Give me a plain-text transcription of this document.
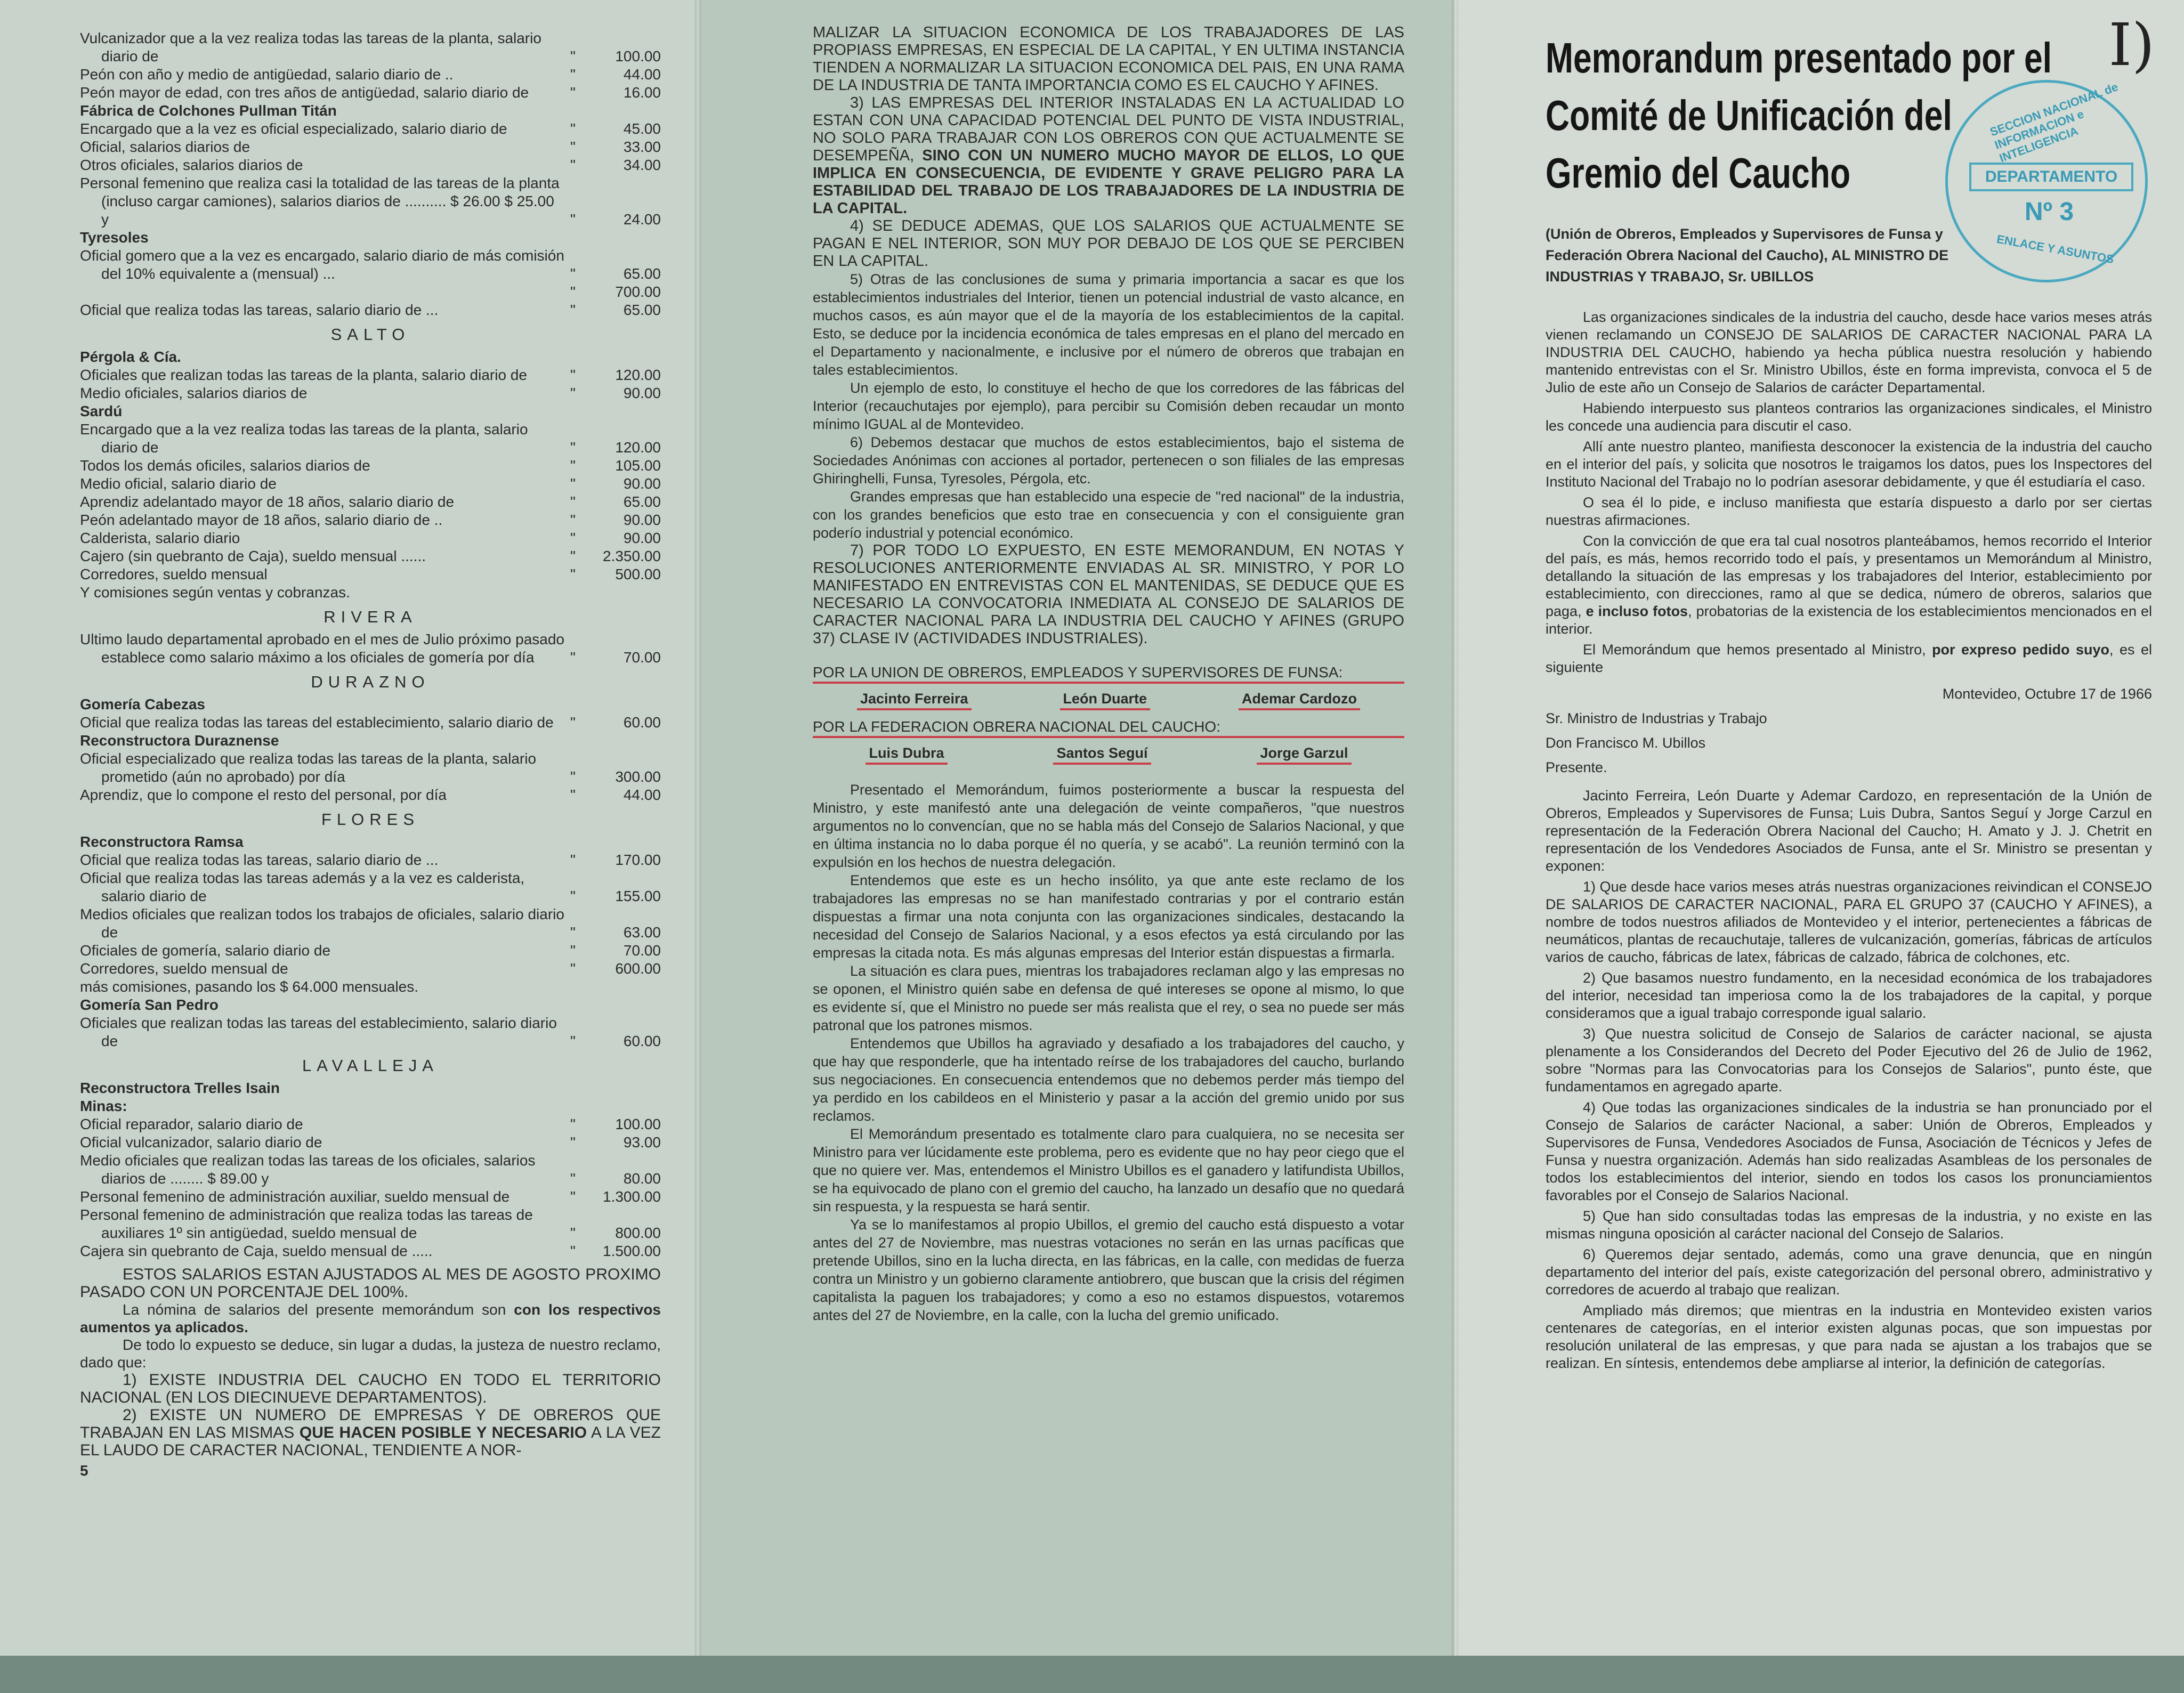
Vulcanizador que a la vez realiza todas las tareas de la planta, salario diario de	"	100.00
Peón con año y medio de antigüedad, salario diario de ..	"	44.00
Peón mayor de edad, con tres años de antigüedad, salario diario de	"	16.00
Fábrica de Colchones Pullman Titán
Encargado que a la vez es oficial especializado, salario diario de	"	45.00
Oficial, salarios diarios de	"	33.00
Otros oficiales, salarios diarios de	"	34.00
Personal femenino que realiza casi la totalidad de las tareas de la planta (incluso cargar camiones), salarios diarios de .......... $ 26.00 $ 25.00 y	"	24.00
Tyresoles
Oficial gomero que a la vez es encargado, salario diario de más comisión del 10% equivalente a (mensual) ...	"	65.00
"	700.00
Oficial que realiza todas las tareas, salario diario de ...	"	65.00
SALTO
Pérgola & Cía.
Oficiales que realizan todas las tareas de la planta, salario diario de	"	120.00
Medio oficiales, salarios diarios de	"	90.00
Sardú
Encargado que a la vez realiza todas las tareas de la planta, salario diario de	"	120.00
Todos los demás oficiles, salarios diarios de	"	105.00
Medio oficial, salario diario de	"	90.00
Aprendiz adelantado mayor de 18 años, salario diario de	"	65.00
Peón adelantado mayor de 18 años, salario diario de ..	"	90.00
Calderista, salario diario	"	90.00
Cajero (sin quebranto de Caja), sueldo mensual ......	"	2.350.00
Corredores, sueldo mensual	"	500.00
Y comisiones según ventas y cobranzas.
RIVERA
Ultimo laudo departamental aprobado en el mes de Julio próximo pasado establece como salario máximo a los oficiales de gomería por día	"	70.00
DURAZNO
Gomería Cabezas
Oficial que realiza todas las tareas del establecimiento, salario diario de	"	60.00
Reconstructora Duraznense
Oficial especializado que realiza todas las tareas de la planta, salario prometido (aún no aprobado) por día	"	300.00
Aprendiz, que lo compone el resto del personal, por día	"	44.00
FLORES
Reconstructora Ramsa
Oficial que realiza todas las tareas, salario diario de ...	"	170.00
Oficial que realiza todas las tareas además y a la vez es calderista, salario diario de	"	155.00
Medios oficiales que realizan todos los trabajos de oficiales, salario diario de	"	63.00
Oficiales de gomería, salario diario de	"	70.00
Corredores, sueldo mensual de	"	600.00
más comisiones, pasando los $ 64.000 mensuales.
Gomería San Pedro
Oficiales que realizan todas las tareas del establecimiento, salario diario de	"	60.00
LAVALLEJA
Reconstructora Trelles Isain
Minas:
Oficial reparador, salario diario de	"	100.00
Oficial vulcanizador, salario diario de	"	93.00
Medio oficiales que realizan todas las tareas de los oficiales, salarios diarios de ........ $ 89.00 y	"	80.00
Personal femenino de administración auxiliar, sueldo mensual de	"	1.300.00
Personal femenino de administración que realiza todas las tareas de auxiliares 1º sin antigüedad, sueldo mensual de	"	800.00
Cajera sin quebranto de Caja, sueldo mensual de .....	"	1.500.00

ESTOS SALARIOS ESTAN AJUSTADOS AL MES DE AGOSTO PROXIMO PASADO CON UN PORCENTAJE DEL 100%.

La nómina de salarios del presente memorándum son con los respectivos aumentos ya aplicados.

De todo lo expuesto se deduce, sin lugar a dudas, la justeza de nuestro reclamo, dado que:

1) EXISTE INDUSTRIA DEL CAUCHO EN TODO EL TERRITORIO NACIONAL (EN LOS DIECINUEVE DEPARTAMENTOS).

2) EXISTE UN NUMERO DE EMPRESAS Y DE OBREROS QUE TRABAJAN EN LAS MISMAS QUE HACEN POSIBLE Y NECESARIO A LA VEZ EL LAUDO DE CARACTER NACIONAL, TENDIENTE A NOR-

5

MALIZAR LA SITUACION ECONOMICA DE LOS TRABAJADORES DE LAS PROPIASS EMPRESAS, EN ESPECIAL DE LA CAPITAL, Y EN ULTIMA INSTANCIA TIENDEN A NORMALIZAR LA SITUACION ECONOMICA DEL PAIS, EN UNA RAMA DE LA INDUSTRIA DE TANTA IMPORTANCIA COMO ES EL CAUCHO Y AFINES.

3) LAS EMPRESAS DEL INTERIOR INSTALADAS EN LA ACTUALIDAD LO ESTAN CON UNA CAPACIDAD POTENCIAL DEL PUNTO DE VISTA INDUSTRIAL, NO SOLO PARA TRABAJAR CON LOS OBREROS CON QUE ACTUALMENTE SE DESEMPEÑA, SINO CON UN NUMERO MUCHO MAYOR DE ELLOS, LO QUE IMPLICA EN CONSECUENCIA, DE EVIDENTE Y GRAVE PELIGRO PARA LA ESTABILIDAD DEL TRABAJO DE LOS TRABAJADORES DE LA INDUSTRIA DE LA CAPITAL.

4) SE DEDUCE ADEMAS, QUE LOS SALARIOS QUE ACTUALMENTE SE PAGAN E NEL INTERIOR, SON MUY POR DEBAJO DE LOS QUE SE PERCIBEN EN LA CAPITAL.

5) Otras de las conclusiones de suma y primaria importancia a sacar es que los establecimientos industriales del Interior, tienen un potencial industrial de vasto alcance, en muchos casos, es aún mayor que el de la mayoría de los establecimientos de la capital. Esto, se deduce por la incidencia económica de tales empresas en el plano del mercado en el Departamento y nacionalmente, e inclusive por el número de obreros que trabajan en tales establecimientos.

Un ejemplo de esto, lo constituye el hecho de que los corredores de las fábricas del Interior (recauchutajes por ejemplo), para percibir su Comisión deben recaudar un monto mínimo IGUAL al de Montevideo.

6) Debemos destacar que muchos de estos establecimientos, bajo el sistema de Sociedades Anónimas con acciones al portador, pertenecen o son filiales de las empresas Ghiringhelli, Funsa, Tyresoles, Pérgola, etc.

Grandes empresas que han establecido una especie de "red nacional" de la industria, con los grandes beneficios que esto trae en consecuencia y con el consiguiente gran poderío industrial y potencial económico.

7) POR TODO LO EXPUESTO, EN ESTE MEMORANDUM, EN NOTAS Y RESOLUCIONES ANTERIORMENTE ENVIADAS AL SR. MINISTRO, Y POR LO MANIFESTADO EN ENTREVISTAS CON EL MANTENIDAS, SE DEDUCE QUE ES NECESARIO LA CONVOCATORIA INMEDIATA AL CONSEJO DE SALARIOS DE CARACTER NACIONAL PARA LA INDUSTRIA DEL CAUCHO Y AFINES (GRUPO 37) CLASE IV (ACTIVIDADES INDUSTRIALES).

POR LA UNION DE OBREROS, EMPLEADOS Y SUPERVISORES DE FUNSA:
Jacinto Ferreira	León Duarte	Ademar Cardozo
POR LA FEDERACION OBRERA NACIONAL DEL CAUCHO:
Luis Dubra	Santos Seguí	Jorge Garzul

Presentado el Memorándum, fuimos posteriormente a buscar la respuesta del Ministro, y este manifestó ante una delegación de veinte compañeros, "que nuestros argumentos no lo convencían, que no se habla más del Consejo de Salarios Nacional, y que en última instancia no lo daba porque él no quería, y se acabó". La reunión terminó con la expulsión en los hechos de nuestra delegación.

Entendemos que este es un hecho insólito, ya que ante este reclamo de los trabajadores las empresas no se han manifestado contrarias y por el contrario están dispuestas a firmar una nota conjunta con las organizaciones sindicales, destacando la necesidad del Consejo de Salarios Nacional, y a esos efectos ya está circulando por las empresas la citada nota. Es más algunas empresas del Interior están dispuestas a firmarla.

La situación es clara pues, mientras los trabajadores reclaman algo y las empresas no se oponen, el Ministro quién sabe en defensa de qué intereses se opone al mismo, lo que es evidente sí, que el Ministro no puede ser más realista que el rey, o sea no puede ser más patronal que los patrones mismos.

Entendemos que Ubillos ha agraviado y desafiado a los trabajadores del caucho, y que hay que responderle, que ha intentado reírse de los trabajadores del caucho, burlando sus negociaciones. En consecuencia entendemos que no debemos perder más tiempo del ya perdido en los cabildeos en el Ministerio y pasar a la acción del gremio unido por sus reclamos.

El Memorándum presentado es totalmente claro para cualquiera, no se necesita ser Ministro para ver lúcidamente este problema, pero es evidente que no hay peor ciego que el que no quiere ver. Mas, entendemos el Ministro Ubillos es el ganadero y latifundista Ubillos, se ha equivocado de plano con el gremio del caucho, ha lanzado un desafío que no quedará sin respuesta, y la respuesta se hará sentir.

Ya se lo manifestamos al propio Ubillos, el gremio del caucho está dispuesto a votar antes del 27 de Noviembre, mas nuestras votaciones no serán en las urnas pacíficas que pretende Ubillos, sino en la lucha directa, en las fábricas, en la calle, con medidas de fuerza contra un Ministro y un gobierno claramente antiobrero, que buscan que la crisis del régimen capitalista la paguen los trabajadores; y como a eso no estamos dispuestos, votaremos antes del 27 de Noviembre, en la calle, con la lucha del gremio unificado.

I)
SECCION NACIONAL de INFORMACION e INTELIGENCIA
DEPARTAMENTO
Nº 3
ENLACE Y ASUNTOS

Memorandum presentado por el

Comité de Unificación del

Gremio del Caucho

(Unión de Obreros, Empleados y Supervisores de Funsa y Federación Obrera Nacional del Caucho), AL MINISTRO DE INDUSTRIAS Y TRABAJO, Sr. UBILLOS

Las organizaciones sindicales de la industria del caucho, desde hace varios meses atrás vienen reclamando un CONSEJO DE SALARIOS DE CARACTER NACIONAL PARA LA INDUSTRIA DEL CAUCHO, habiendo ya hecha pública nuestra resolución y habiendo mantenido entrevistas con el Sr. Ministro Ubillos, éste en forma imprevista, convoca el 5 de Julio de este año un Consejo de Salarios de carácter Departamental.

Habiendo interpuesto sus planteos contrarios las organizaciones sindicales, el Ministro les concede una audiencia para discutir el caso.

Allí ante nuestro planteo, manifiesta desconocer la existencia de la industria del caucho en el interior del país, y solicita que nosotros le traigamos los datos, pues los Inspectores del Instituto Nacional del Trabajo no lo podrían asesorar debidamente, y que él estudiaría el caso.

O sea él lo pide, e incluso manifiesta que estaría dispuesto a darlo por ser ciertas nuestras afirmaciones.

Con la convicción de que era tal cual nosotros planteábamos, hemos recorrido el Interior del país, es más, hemos recorrido todo el país, y presentamos un Memorándum al Ministro, detallando la situación de las empresas y los trabajadores del Interior, establecimiento por establecimiento, con direcciones, ramo al que se dedica, número de obreros, salarios que paga, e incluso fotos, probatorias de la existencia de los establecimientos mencionados en el interior.

El Memorándum que hemos presentado al Ministro, por expreso pedido suyo, es el siguiente

Montevideo, Octubre 17 de 1966

Sr. Ministro de Industrias y Trabajo

Don Francisco M. Ubillos

Presente.

Jacinto Ferreira, León Duarte y Ademar Cardozo, en representación de la Unión de Obreros, Empleados y Supervisores de Funsa; Luis Dubra, Santos Seguí y Jorge Carzul en representación de la Federación Obrera Nacional del Caucho; H. Amato y J. J. Chetrit en representación de los Vendedores Asociados de Funsa, ante el Sr. Ministro se presentan y exponen:

1) Que desde hace varios meses atrás nuestras organizaciones reivindican el CONSEJO DE SALARIOS DE CARACTER NACIONAL, PARA EL GRUPO 37 (CAUCHO Y AFINES), a nombre de todos nuestros afiliados de Montevideo y el interior, pertenecientes a fábricas de neumáticos, plantas de recauchutaje, talleres de vulcanización, gomerías, fábricas de artículos varios de caucho, fábricas de latex, fábricas de calzado, fábrica de colchones, etc.

2) Que basamos nuestro fundamento, en la necesidad económica de los trabajadores del interior, necesidad tan imperiosa como la de los trabajadores de la capital, y porque consideramos que a igual trabajo corresponde igual salario.

3) Que nuestra solicitud de Consejo de Salarios de carácter nacional, se ajusta plenamente a los Considerandos del Decreto del Poder Ejecutivo del 26 de Julio de 1962, sobre "Normas para las Convocatorias para los Consejos de Salarios", punto éste, que fundamentamos en agregado aparte.

4) Que todas las organizaciones sindicales de la industria se han pronunciado por el Consejo de Salarios de carácter Nacional, a saber: Unión de Obreros, Empleados y Supervisores de Funsa, Vendedores Asociados de Funsa, Asociación de Técnicos y Jefes de Funsa y nuestra organización. Además han sido realizadas Asambleas de los personales de todos los establecimientos del interior, siendo en todos los casos los pronunciamientos favorables por el Consejo de Salarios Nacional.

5) Que han sido consultadas todas las empresas de la industria, y no existe en las mismas ninguna oposición al carácter nacional del Consejo de Salarios.

6) Queremos dejar sentado, además, como una grave denuncia, que en ningún departamento del interior del país, existe categorización del personal obrero, administrativo y corredores de acuerdo al trabajo que realizan.

Ampliado más diremos; que mientras en la industria en Montevideo existen varios centenares de categorías, en el interior existen algunas pocas, que son impuestas por resolución unilateral de las empresas, y que para nada se ajustan a los trabajos que se realizan. En síntesis, entendemos debe ampliarse al interior, la definición de categorías.
